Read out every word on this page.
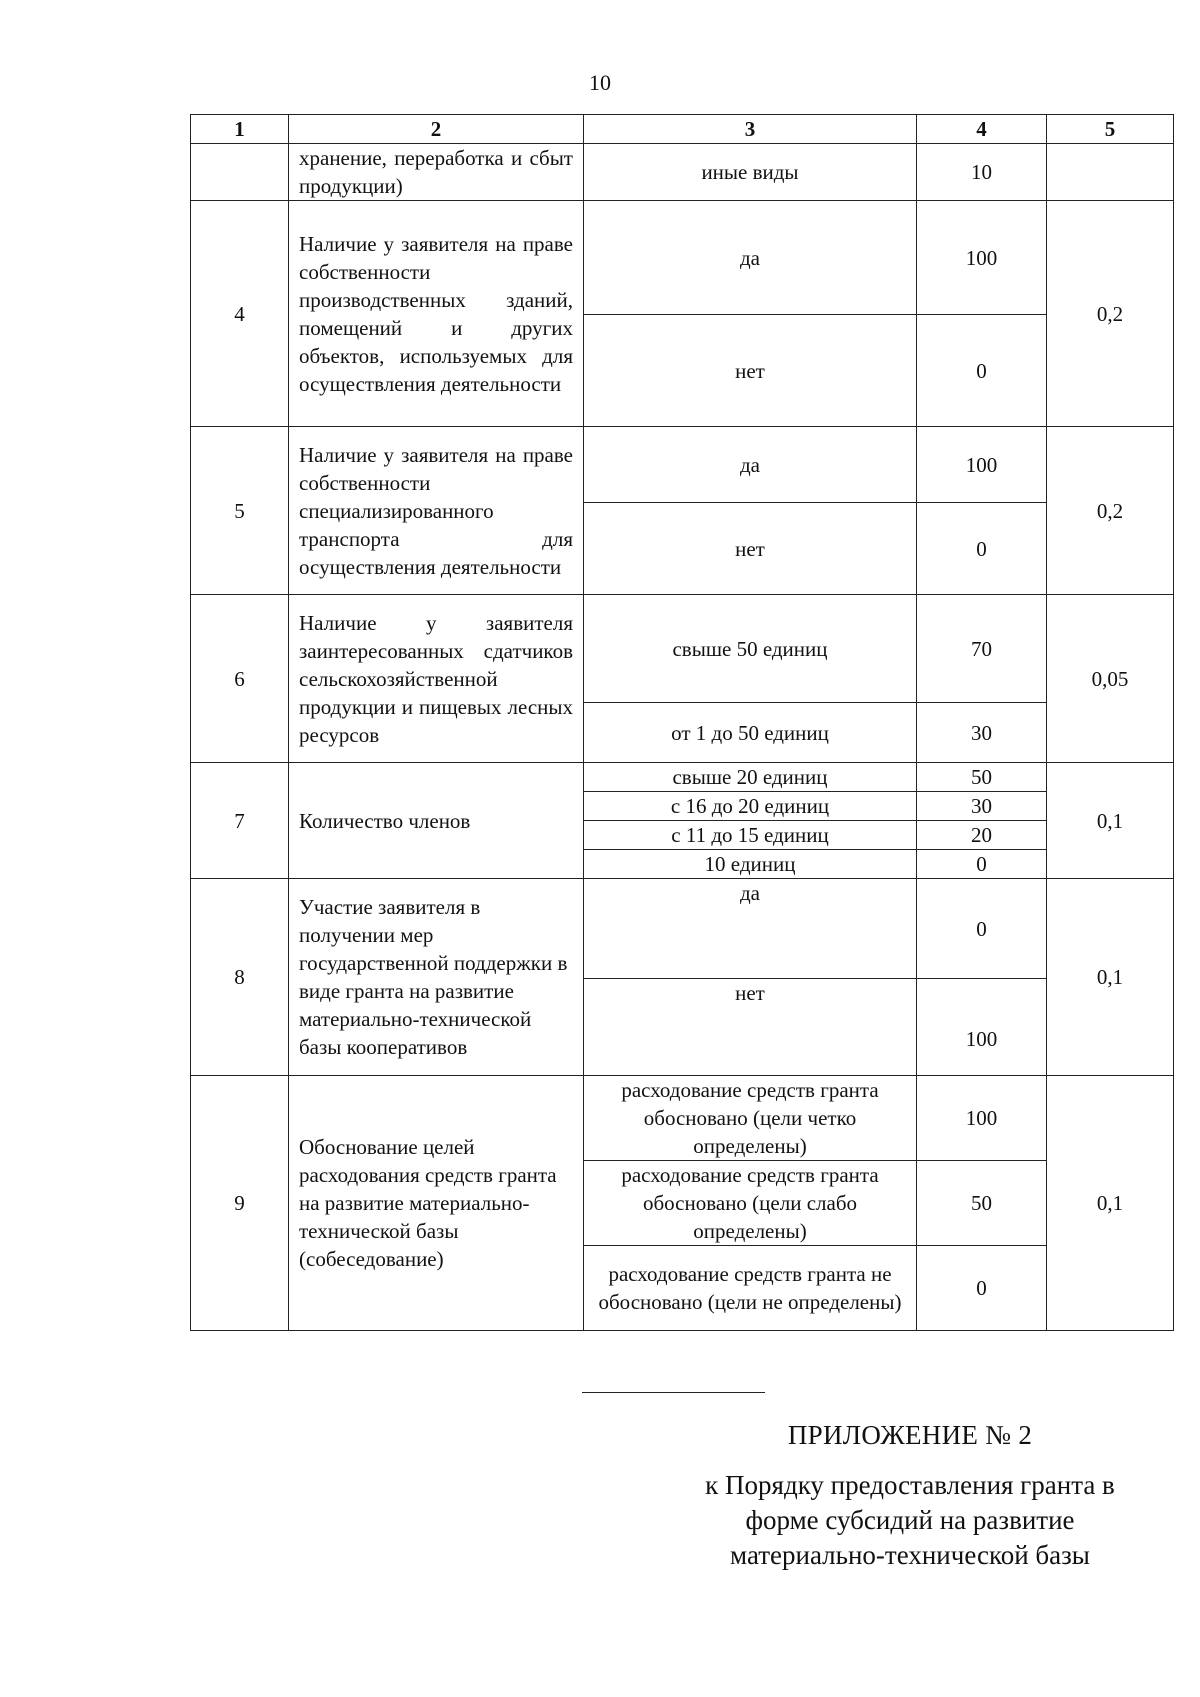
10
1	2	3	4	5
	хранение, переработка и сбыт продукции)	иные виды	10	
4	Наличие у заявителя на праве собственности производственных зданий, помещений и других объектов, используемых для осуществления деятельности	да	100	0,2
		нет	0	
5	Наличие у заявителя на праве собственности специализированного транспорта для осуществления деятельности	да	100	0,2
		нет	0	
6	Наличие у заявителя заинтересованных сдатчиков сельскохозяйственной продукции и пищевых лесных ресурсов	свыше 50 единиц	70	0,05
		от 1 до 50 единиц	30	
7	Количество членов	свыше 20 единиц	50	0,1
		с 16 до 20 единиц	30	
		с 11 до 15 единиц	20	
		10 единиц	0	
8	Участие заявителя в получении мер государственной поддержки в виде гранта на развитие материально-технической базы кооперативов	да	0	0,1
		нет	100	
9	Обоснование целей расходования средств гранта на развитие материально-технической базы (собеседование)	расходование средств гранта обосновано (цели четко определены)	100	0,1
		расходование средств гранта обосновано (цели слабо определены)	50	
		расходование средств гранта не обосновано (цели не определены)	0	
ПРИЛОЖЕНИЕ № 2
к Порядку предоставления гранта в форме субсидий на развитие материально-технической базы
